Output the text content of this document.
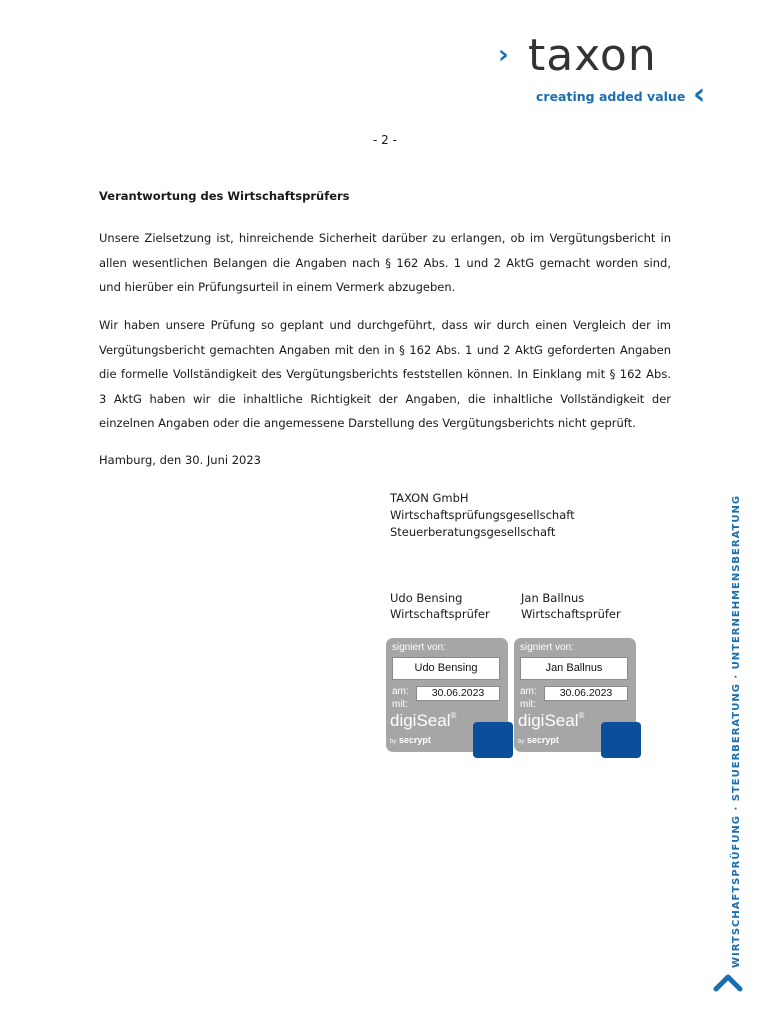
› taxon
creating added value ‹
- 2 -
Verantwortung des Wirtschaftsprüfers

Unsere Zielsetzung ist, hinreichende Sicherheit darüber zu erlangen, ob im Vergütungsbericht in allen wesentlichen Belangen die Angaben nach § 162 Abs. 1 und 2 AktG gemacht worden sind, und hierüber ein Prüfungsurteil in einem Vermerk abzugeben.

Wir haben unsere Prüfung so geplant und durchgeführt, dass wir durch einen Vergleich der im Vergütungsbericht gemachten Angaben mit den in § 162 Abs. 1 und 2 AktG geforderten Angaben die formelle Vollständigkeit des Vergütungsberichts feststellen können. In Einklang mit § 162 Abs. 3 AktG haben wir die inhaltliche Richtigkeit der Angaben, die inhaltliche Vollständigkeit der einzelnen Angaben oder die angemessene Darstellung des Vergütungsberichts nicht geprüft.

Hamburg, den 30. Juni 2023
TAXON GmbH
Wirtschaftsprüfungsgesellschaft
Steuerberatungsgesellschaft
Udo Bensing
Wirtschaftsprüfer
Jan Ballnus
Wirtschaftsprüfer
signiert von:
Udo Bensing
am:	30.06.2023
mit:
digiSeal®
by secrypt
signiert von:
Jan Ballnus
am:	30.06.2023
mit:
digiSeal®
by secrypt	WIRTSCHAFTSPRÜFUNG · STEUERBERATUNG · UNTERNEHMENSBERATUNG
